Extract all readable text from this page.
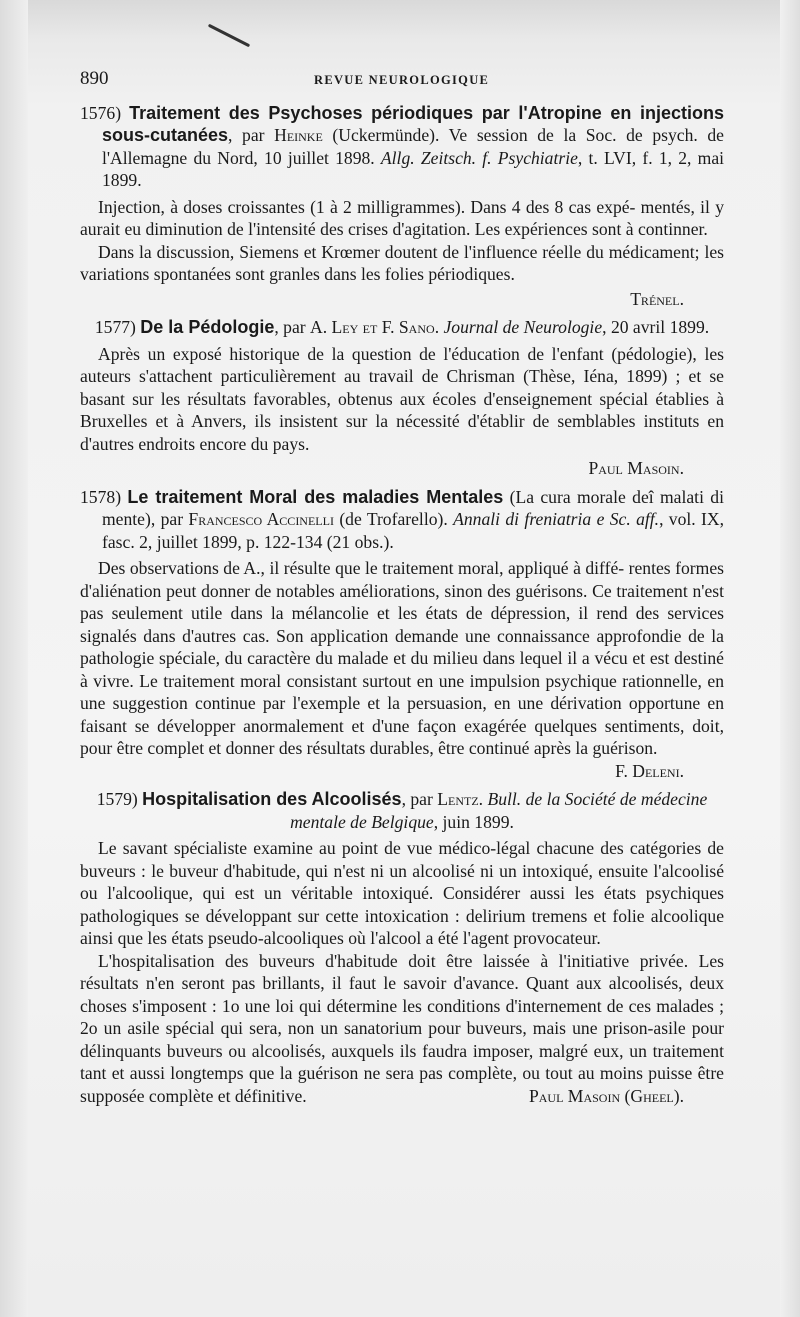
890	REVUE NEUROLOGIQUE

1576) Traitement des Psychoses périodiques par l'Atropine en injections sous-cutanées, par Heinke (Uckermünde). Ve session de la Soc. de psych. de l'Allemagne du Nord, 10 juillet 1898. Allg. Zeitsch. f. Psychiatrie, t. LVI, f. 1, 2, mai 1899.

Injection, à doses croissantes (1 à 2 milligrammes). Dans 4 des 8 cas expé- mentés, il y aurait eu diminution de l'intensité des crises d'agitation. Les expériences sont à continner.

Dans la discussion, Siemens et Krœmer doutent de l'influence réelle du médicament; les variations spontanées sont granles dans les folies périodiques.

Trénel.

1577) De la Pédologie, par A. Ley et F. Sano. Journal de Neurologie, 20 avril 1899.

Après un exposé historique de la question de l'éducation de l'enfant (pédologie), les auteurs s'attachent particulièrement au travail de Chrisman (Thèse, Iéna, 1899) ; et se basant sur les résultats favorables, obtenus aux écoles d'enseignement spécial établies à Bruxelles et à Anvers, ils insistent sur la nécessité d'établir de semblables instituts en d'autres endroits encore du pays.

Paul Masoin.

1578) Le traitement Moral des maladies Mentales (La cura morale deî malati di mente), par Francesco Accinelli (de Trofarello). Annali di freniatria e Sc. aff., vol. IX, fasc. 2, juillet 1899, p. 122-134 (21 obs.).

Des observations de A., il résulte que le traitement moral, appliqué à diffé- rentes formes d'aliénation peut donner de notables améliorations, sinon des guérisons. Ce traitement n'est pas seulement utile dans la mélancolie et les états de dépression, il rend des services signalés dans d'autres cas. Son application demande une connaissance approfondie de la pathologie spéciale, du caractère du malade et du milieu dans lequel il a vécu et est destiné à vivre. Le traitement moral consistant surtout en une impulsion psychique rationnelle, en une suggestion continue par l'exemple et la persuasion, en une dérivation opportune en faisant se développer anormalement et d'une façon exagérée quelques sentiments, doit, pour être complet et donner des résultats durables, être continué après la guérison.
F. Deleni.

1579) Hospitalisation des Alcoolisés, par Lentz. Bull. de la Société de médecine mentale de Belgique, juin 1899.

Le savant spécialiste examine au point de vue médico-légal chacune des catégories de buveurs : le buveur d'habitude, qui n'est ni un alcoolisé ni un intoxiqué, ensuite l'alcoolisé ou l'alcoolique, qui est un véritable intoxiqué. Considérer aussi les états psychiques pathologiques se développant sur cette intoxication : delirium tremens et folie alcoolique ainsi que les états pseudo-alcooliques où l'alcool a été l'agent provocateur.

L'hospitalisation des buveurs d'habitude doit être laissée à l'initiative privée. Les résultats n'en seront pas brillants, il faut le savoir d'avance. Quant aux alcoolisés, deux choses s'imposent : 1o une loi qui détermine les conditions d'internement de ces malades ; 2o un asile spécial qui sera, non un sanatorium pour buveurs, mais une prison-asile pour délinquants buveurs ou alcoolisés, auxquels ils faudra imposer, malgré eux, un traitement tant et aussi longtemps que la guérison ne sera pas complète, ou tout au moins puisse être supposée complète et définitive.	Paul Masoin (Gheel).
